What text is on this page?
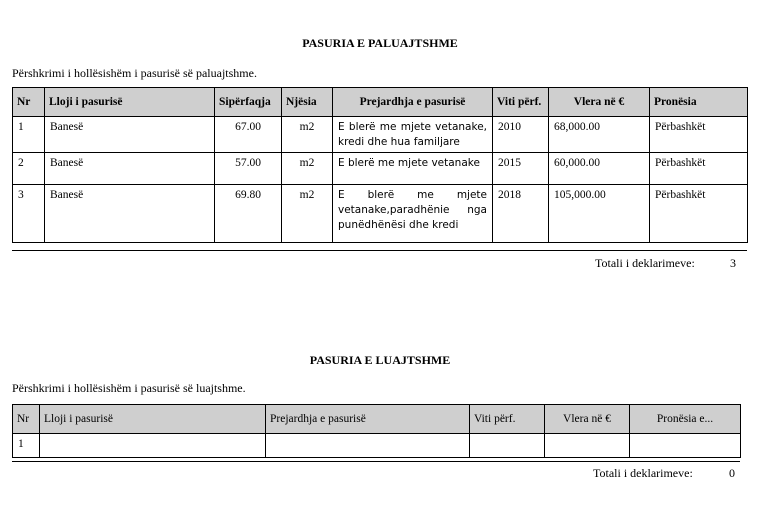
PASURIA E PALUAJTSHME
Përshkrimi i hollësishëm i pasurisë së paluajtshme.
Nr	Lloji i pasurisë	Sipërfaqja	Njësia	Prejardhja e pasurisë	Viti përf.	Vlera në €	Pronësia
1	Banesë	67.00	m2	E blerë me mjete vetanake, kredi dhe hua familjare	2010	68,000.00	Përbashkët
2	Banesë	57.00	m2	E blerë me mjete vetanake	2015	60,000.00	Përbashkët
3	Banesë	69.80	m2	E blerë me mjete vetanake,paradhënie nga punëdhënësi dhe kredi	2018	105,000.00	Përbashkët
Totali i deklarimeve:	3
PASURIA E LUAJTSHME
Përshkrimi i hollësishëm i pasurisë së luajtshme.
Nr	Lloji i pasurisë	Prejardhja e pasurisë	Viti përf.	Vlera në €	Pronësia e...
1					
Totali i deklarimeve:	0
